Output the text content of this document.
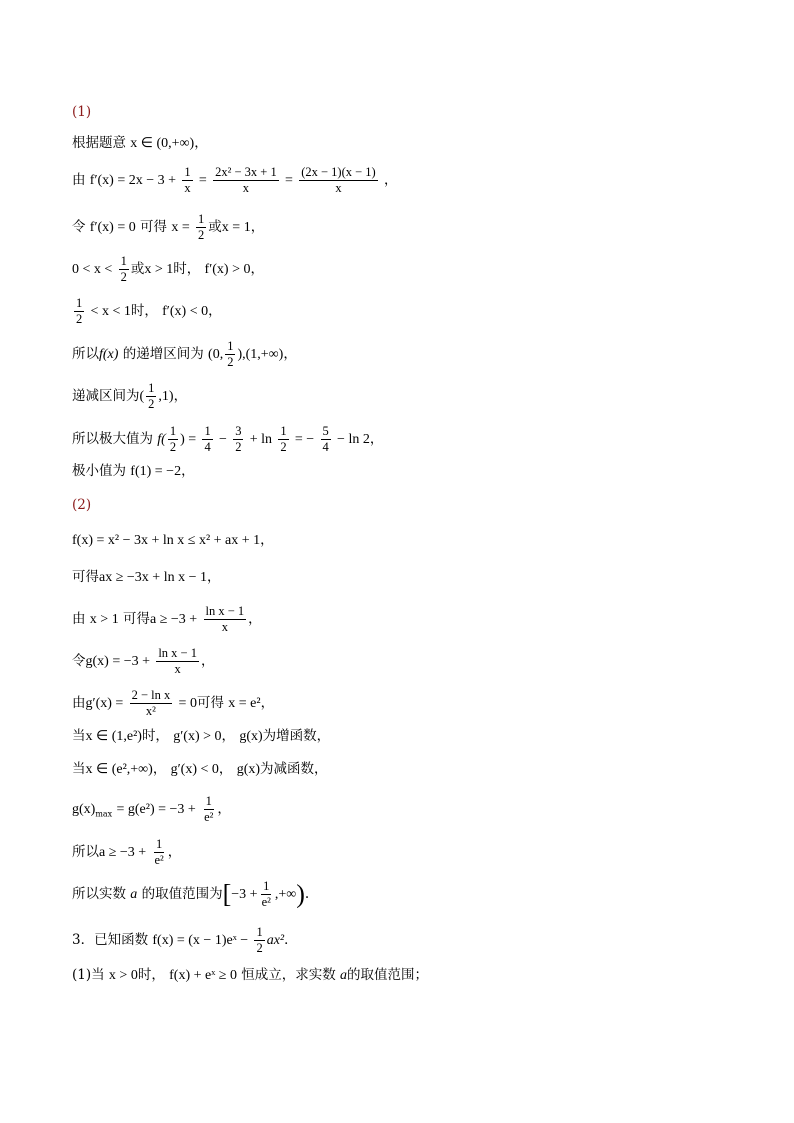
(1)
根据题意 x ∈ (0,+∞)，
由 $f'(x) = 2x - 3 + \frac{1}{x} = \frac{\text{2x² − 3x + 1}}{x} = \frac{(2x - 1)(x - 1)}{x}$ ，
令 f′(x) = 0 可得 $x = \frac{1}{2}$ 或x = 1，
$0 < x < \frac{1}{2}$ 或x > 1时， f′(x) > 0，
$\frac{1}{2} < x < 1$时， f′(x) < 0，
所以f(x) 的递增区间为 (0, $\frac{1}{2} ),(1,+\infty)$，
递减区间为( $\frac{1}{2} ,1$)，
所以极大值为 $f( \frac{1}{2}$ ) = $\frac{1}{4} - \frac{3}{2} + \ln \frac{1}{2}$ = − $\frac{5}{4} - \ln 2$，
极小值为 f(1) = −2，
(2)
f(x) = x² − 3x + ln x ≤ x² + ax + 1，
可得ax ≥ −3x + ln x − 1，
由 x > 1 可得$a \ge -3 + \frac{\text{ln x − 1}}{x}$ ，
令$g(x) = -3 + \frac{\text{ln x − 1}}{x}$ ，
由$g'(x) = \frac{\text{2 − ln x}}{\text{x²}} = 0$可得 x = e²，
当x ∈ (1,e²)时， g′(x) > 0， g(x)为增函数，
当x ∈ (e²,+∞)， g′(x) < 0， g(x)为减函数，
$g(x)_{max} = g(e^2) = -3 + \frac{1}{\text{e²}}$ ，
所以$a \ge -3 + \frac{1}{\text{e²}}$ ，
所以实数 a 的取值范围为[$-3 + \frac{1}{\text{e²}}$ ,+∞).
3．已知函数 f(x) = (x − 1)eˣ − $\frac{1}{2} ax^2$．
(1)当 x > 0时， f(x) + eˣ ≥ 0 恒成立，求实数 a的取值范围；
